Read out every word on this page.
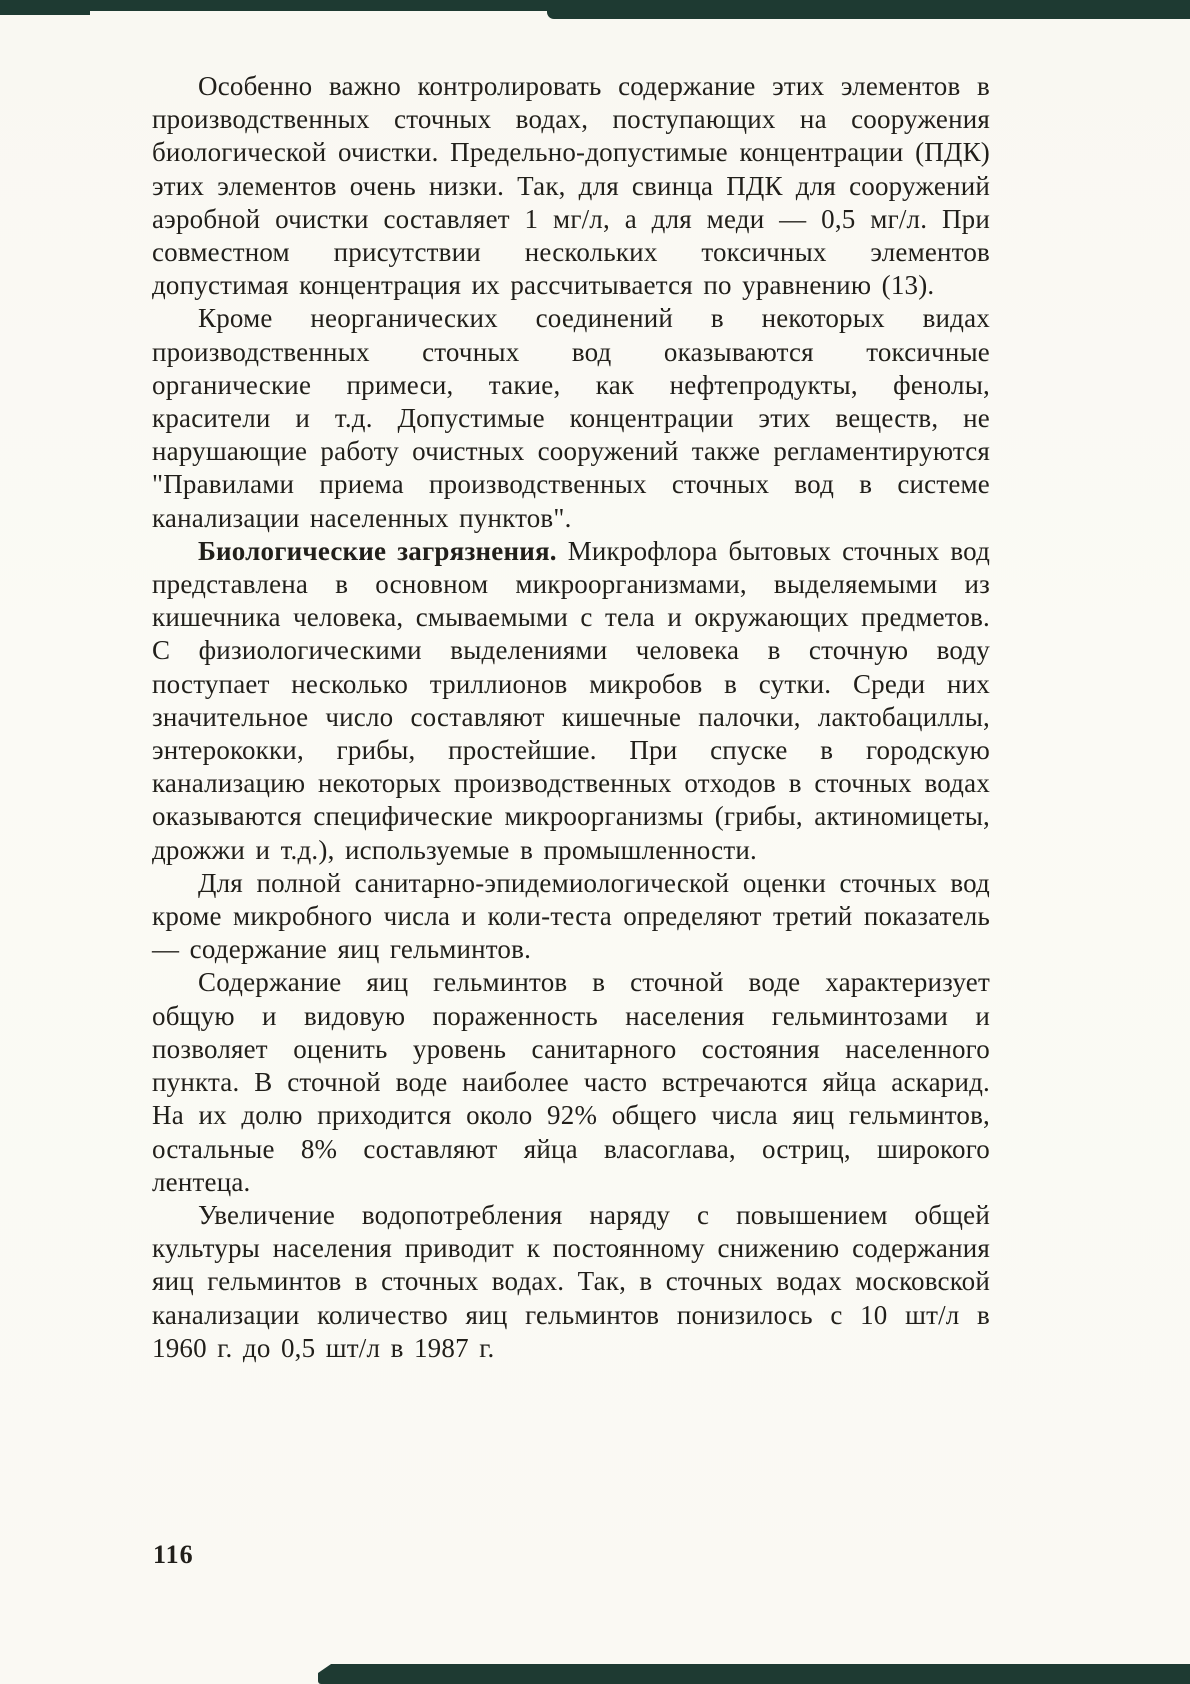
Особенно важно контролировать содержание этих элементов в производственных сточных водах, поступающих на сооружения биологической очистки. Предельно-допустимые концентрации (ПДК) этих элементов очень низки. Так, для свинца ПДК для сооружений аэробной очистки составляет 1 мг/л, а для меди — 0,5 мг/л. При совместном присутствии нескольких токсичных элементов допустимая концентрация их рассчитывается по уравнению (13).

Кроме неорганических соединений в некоторых видах производственных сточных вод оказываются токсичные органические примеси, такие, как нефтепродукты, фенолы, красители и т.д. Допустимые концентрации этих веществ, не нарушающие работу очистных сооружений также регламентируются "Правилами приема производственных сточных вод в системе канализации населенных пунктов".

Биологические загрязнения. Микрофлора бытовых сточных вод представлена в основном микроорганизмами, выделяемыми из кишечника человека, смываемыми с тела и окружающих предметов. С физиологическими выделениями человека в сточную воду поступает несколько триллионов микробов в сутки. Среди них значительное число составляют кишечные палочки, лактобациллы, энтерококки, грибы, простейшие. При спуске в городскую канализацию некоторых производственных отходов в сточных водах оказываются специфические микроорганизмы (грибы, актиномицеты, дрожжи и т.д.), используемые в промышленности.

Для полной санитарно-эпидемиологической оценки сточных вод кроме микробного числа и коли-теста определяют третий показатель — содержание яиц гельминтов.

Содержание яиц гельминтов в сточной воде характеризует общую и видовую пораженность населения гельминтозами и позволяет оценить уровень санитарного состояния населенного пункта. В сточной воде наиболее часто встречаются яйца аскарид. На их долю приходится около 92% общего числа яиц гельминтов, остальные 8% составляют яйца власоглава, остриц, широкого лентеца.

Увеличение водопотребления наряду с повышением общей культуры населения приводит к постоянному снижению содержания яиц гельминтов в сточных водах. Так, в сточных водах московской канализации количество яиц гельминтов понизилось с 10 шт/л в 1960 г. до 0,5 шт/л в 1987 г.

116
